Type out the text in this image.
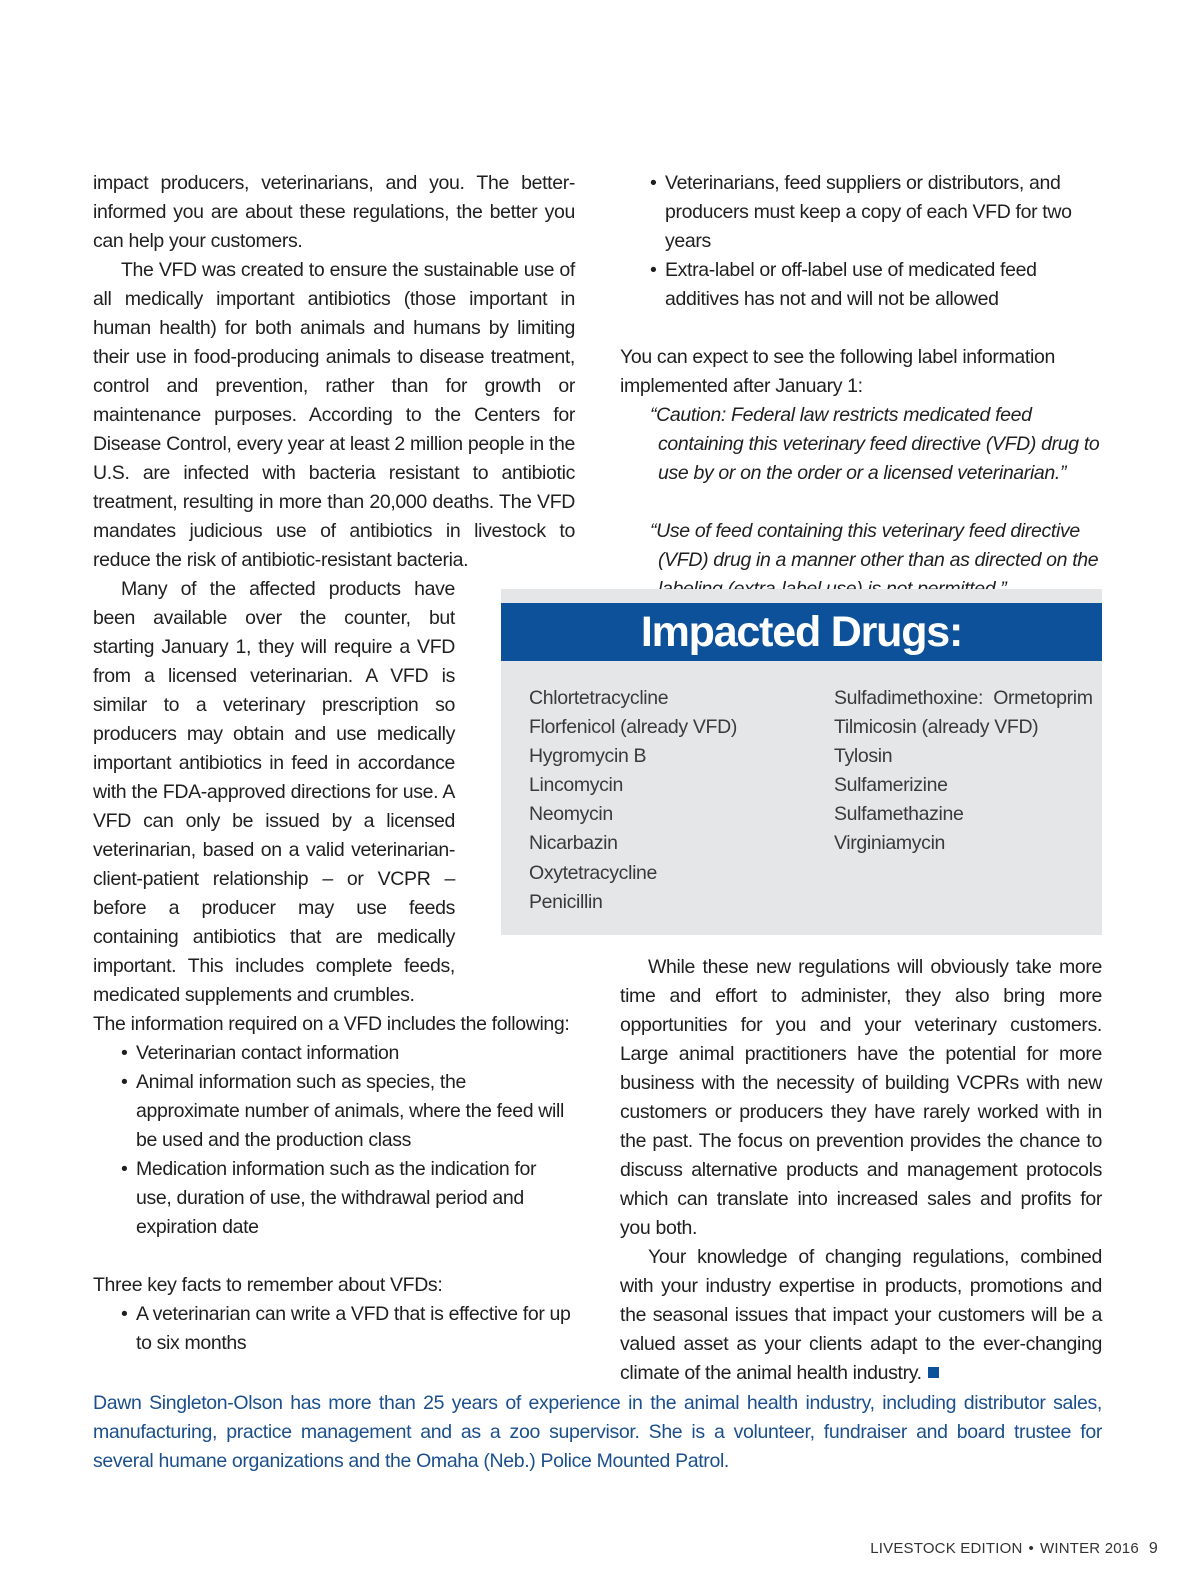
impact producers, veterinarians, and you. The better-informed you are about these regulations, the better you can help your customers.

The VFD was created to ensure the sustainable use of all medically important antibiotics (those important in human health) for both animals and humans by limiting their use in food-producing animals to disease treatment, control and prevention, rather than for growth or maintenance purposes. According to the Centers for Disease Control, every year at least 2 million people in the U.S. are infected with bacteria resistant to antibiotic treatment, resulting in more than 20,000 deaths. The VFD mandates judicious use of antibiotics in livestock to reduce the risk of antibiotic-resistant bacteria.

Many of the affected products have been available over the counter, but starting January 1, they will require a VFD from a licensed veterinarian. A VFD is similar to a veterinary prescription so producers may obtain and use medically important antibiotics in feed in accordance with the FDA-approved directions for use. A VFD can only be issued by a licensed veterinarian, based on a valid veterinarian-client-patient relationship – or VCPR – before a producer may use feeds containing antibiotics that are medically important. This includes complete feeds, medicated supplements and crumbles.

The information required on a VFD includes the following:

• Veterinarian contact information
• Animal information such as species, the approximate number of animals, where the feed will be used and the production class
• Medication information such as the indication for use, duration of use, the withdrawal period and expiration date

Three key facts to remember about VFDs:

• A veterinarian can write a VFD that is effective for up to six months
• Veterinarians, feed suppliers or distributors, and producers must keep a copy of each VFD for two years
• Extra-label or off-label use of medicated feed additives has not and will not be allowed

You can expect to see the following label information implemented after January 1:

“Caution: Federal law restricts medicated feed containing this veterinary feed directive (VFD) drug to use by or on the order or a licensed veterinarian.”

“Use of feed containing this veterinary feed directive (VFD) drug in a manner other than as directed on the

Impacted Drugs:
Chlortetracycline
Florfenicol (already VFD)
Hygromycin B
Lincomycin
Neomycin
Nicarbazin
Oxytetracycline
Penicillin
Sulfadimethoxine:  Ormetoprim
Tilmicosin (already VFD)
Tylosin
Sulfamerizine
Sulfamethazine
Virginiamycin

While these new regulations will obviously take more time and effort to administer, they also bring more opportunities for you and your veterinary customers. Large animal practitioners have the potential for more business with the necessity of building VCPRs with new customers or producers they have rarely worked with in the past. The focus on prevention provides the chance to discuss alternative products and management protocols which can translate into increased sales and profits for you both.

Your knowledge of changing regulations, combined with your industry expertise in products, promotions and the seasonal issues that impact your customers will be a valued asset as your clients adapt to the ever-changing climate of the animal health industry.

Dawn Singleton-Olson has more than 25 years of experience in the animal health industry, including distributor sales, manufacturing, practice management and as a zoo supervisor. She is a volunteer, fundraiser and board trustee for several humane organizations and the Omaha (Neb.) Police Mounted Patrol.
LIVESTOCK EDITION • WINTER 2016 9
